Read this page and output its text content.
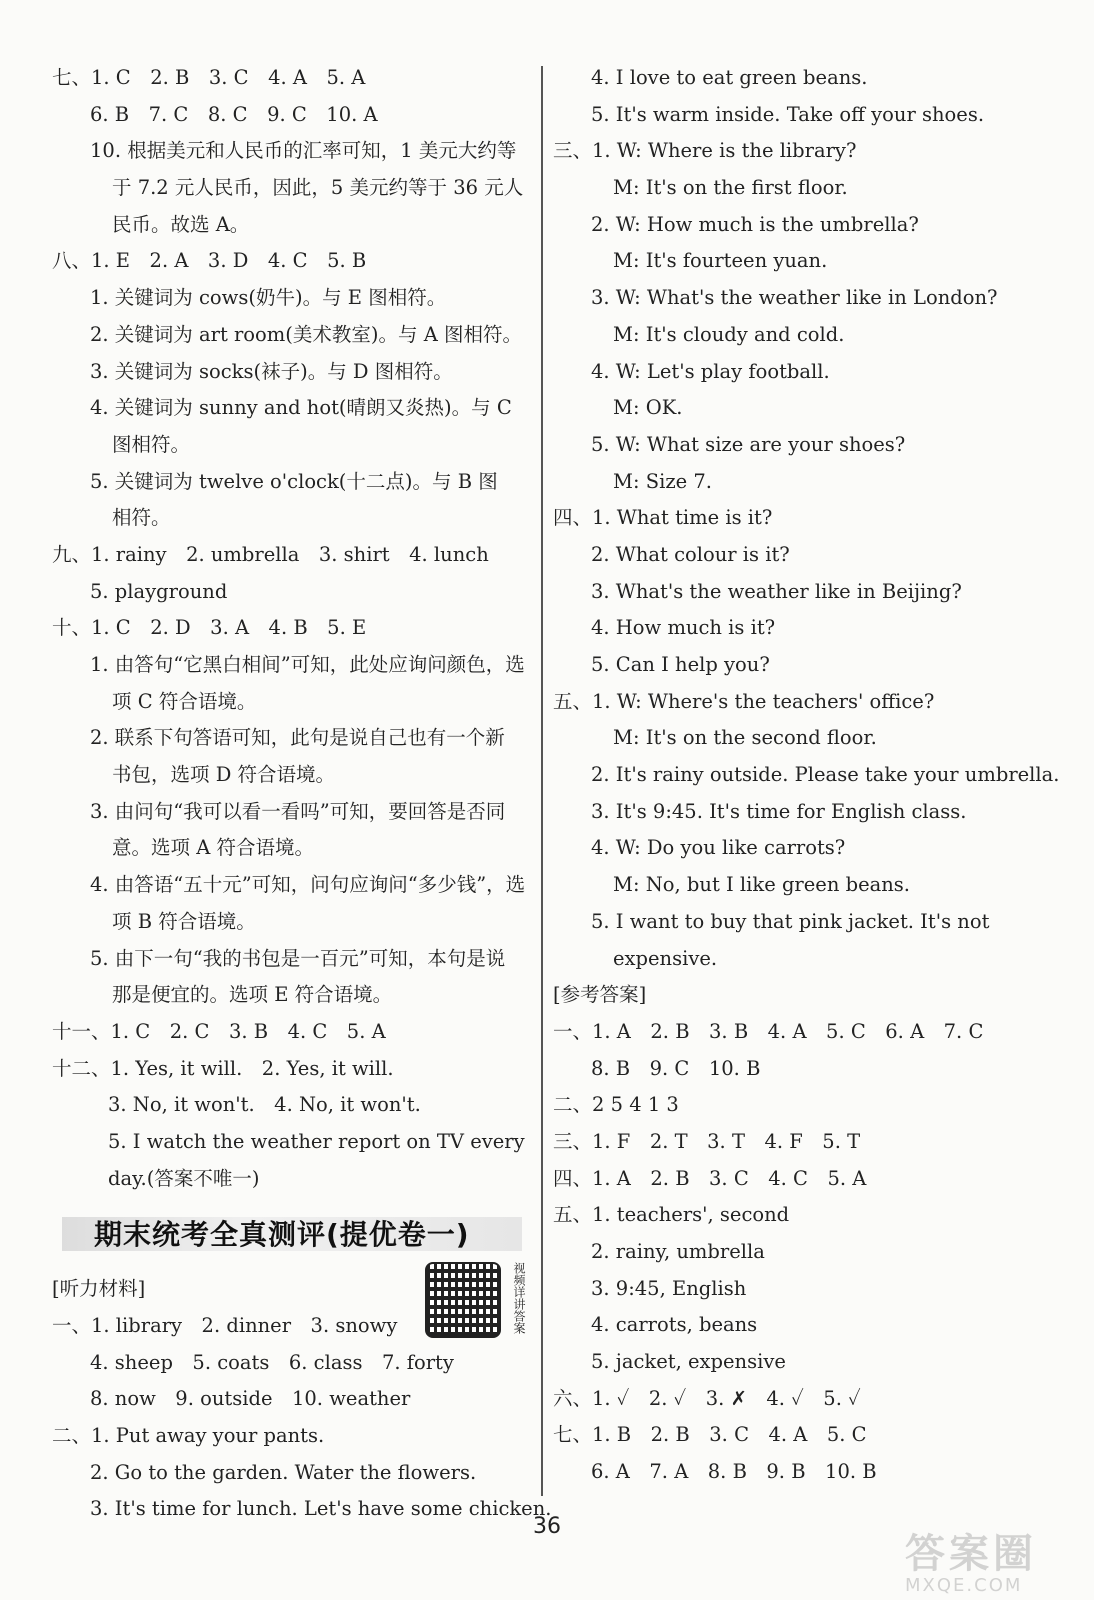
七、1. C　2. B　3. C　4. A　5. A
6. B　7. C　8. C　9. C　10. A
10. 根据美元和人民币的汇率可知，1 美元大约等
于 7.2 元人民币，因此，5 美元约等于 36 元人
民币。故选 A。
八、1. E　2. A　3. D　4. C　5. B
1. 关键词为 cows(奶牛)。与 E 图相符。
2. 关键词为 art room(美术教室)。与 A 图相符。
3. 关键词为 socks(袜子)。与 D 图相符。
4. 关键词为 sunny and hot(晴朗又炎热)。与 C
图相符。
5. 关键词为 twelve o'clock(十二点)。与 B 图
相符。
九、1. rainy　2. umbrella　3. shirt　4. lunch
5. playground
十、1. C　2. D　3. A　4. B　5. E
1. 由答句“它黑白相间”可知，此处应询问颜色，选
项 C 符合语境。
2. 联系下句答语可知，此句是说自己也有一个新
书包，选项 D 符合语境。
3. 由问句“我可以看一看吗”可知，要回答是否同
意。选项 A 符合语境。
4. 由答语“五十元”可知，问句应询问“多少钱”，选
项 B 符合语境。
5. 由下一句“我的书包是一百元”可知，本句是说
那是便宜的。选项 E 符合语境。
十一、1. C　2. C　3. B　4. C　5. A
十二、1. Yes, it will.　2. Yes, it will.
3. No, it won't.　4. No, it won't.
5. I watch the weather report on TV every
day.(答案不唯一)
期末统考全真测评(提优卷一)
[听力材料]
一、1. library　2. dinner　3. snowy
4. sheep　5. coats　6. class　7. forty
8. now　9. outside　10. weather
二、1. Put away your pants.
2. Go to the garden. Water the flowers.
3. It's time for lunch. Let's have some chicken.
4. I love to eat green beans.
5. It's warm inside. Take off your shoes.
三、1. W: Where is the library?
M: It's on the first floor.
2. W: How much is the umbrella?
M: It's fourteen yuan.
3. W: What's the weather like in London?
M: It's cloudy and cold.
4. W: Let's play football.
M: OK.
5. W: What size are your shoes?
M: Size 7.
四、1. What time is it?
2. What colour is it?
3. What's the weather like in Beijing?
4. How much is it?
5. Can I help you?
五、1. W: Where's the teachers' office?
M: It's on the second floor.
2. It's rainy outside. Please take your umbrella.
3. It's 9:45. It's time for English class.
4. W: Do you like carrots?
M: No, but I like green beans.
5. I want to buy that pink jacket. It's not
expensive.
[参考答案]
一、1. A　2. B　3. B　4. A　5. C　6. A　7. C
8. B　9. C　10. B
二、2 5 4 1 3
三、1. F　2. T　3. T　4. F　5. T
四、1. A　2. B　3. C　4. C　5. A
五、1. teachers', second
2. rainy, umbrella
3. 9:45, English
4. carrots, beans
5. jacket, expensive
六、1. ✓　2. ✓　3. ✗　4. ✓　5. ✓
七、1. B　2. B　3. C　4. A　5. C
6. A　7. A　8. B　9. B　10. B
视频详讲答案
36
答案圈
MXQE.COM
